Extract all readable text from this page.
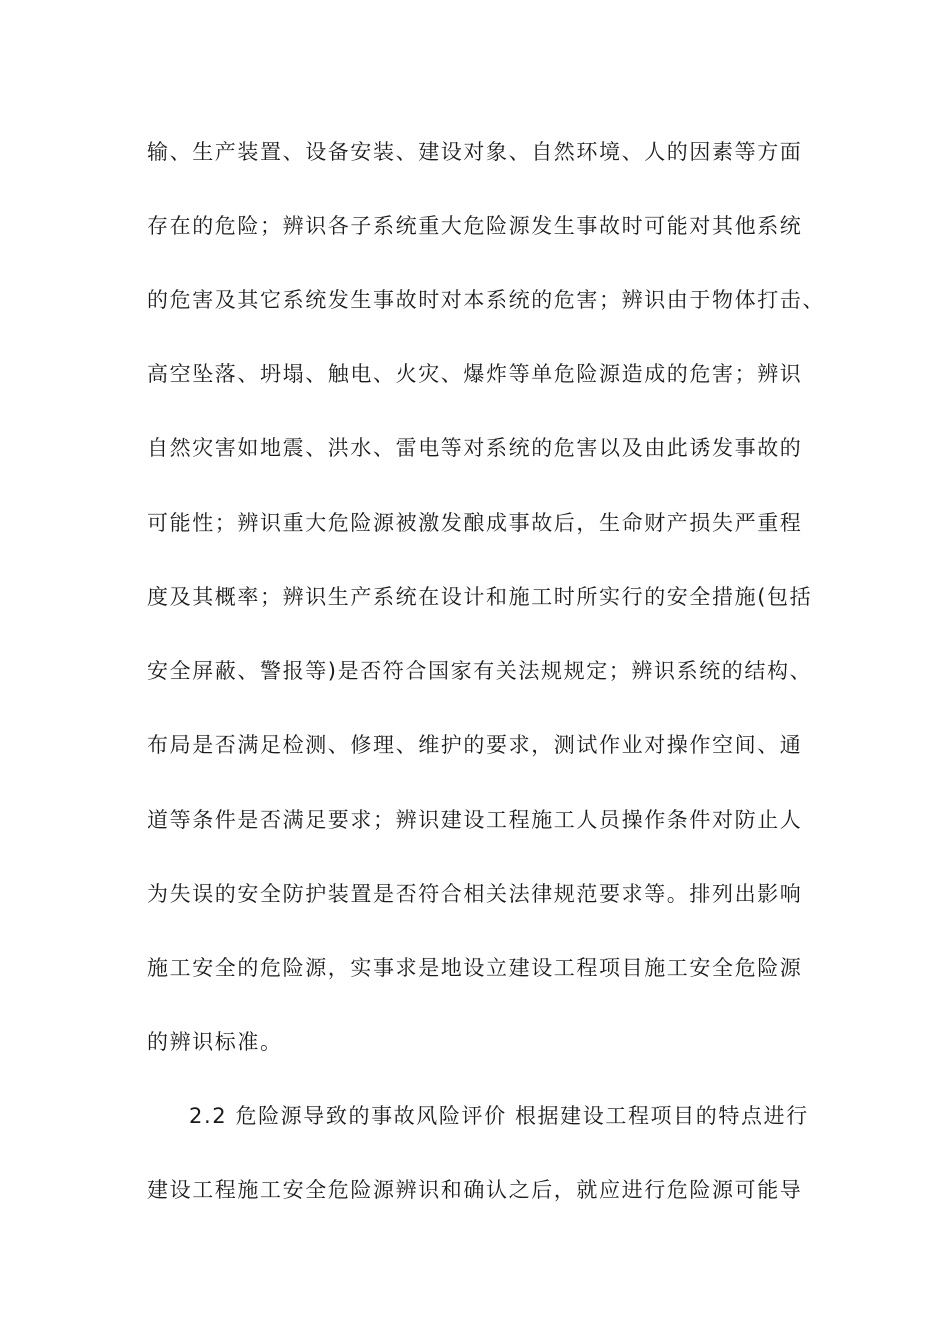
输、生产装置、设备安装、建设对象、自然环境、人的因素等方面
存在的危险；辨识各子系统重大危险源发生事故时可能对其他系统
的危害及其它系统发生事故时对本系统的危害；辨识由于物体打击、
高空坠落、坍塌、触电、火灾、爆炸等单危险源造成的危害；辨识
自然灾害如地震、洪水、雷电等对系统的危害以及由此诱发事故的
可能性；辨识重大危险源被激发酿成事故后，生命财产损失严重程
度及其概率；辨识生产系统在设计和施工时所实行的安全措施(包括
安全屏蔽、警报等)是否符合国家有关法规规定；辨识系统的结构、
布局是否满足检测、修理、维护的要求，测试作业对操作空间、通
道等条件是否满足要求；辨识建设工程施工人员操作条件对防止人
为失误的安全防护装置是否符合相关法律规范要求等。排列出影响
施工安全的危险源，实事求是地设立建设工程项目施工安全危险源
的辨识标准。
2.2 危险源导致的事故风险评价 根据建设工程项目的特点进行
建设工程施工安全危险源辨识和确认之后，就应进行危险源可能导
